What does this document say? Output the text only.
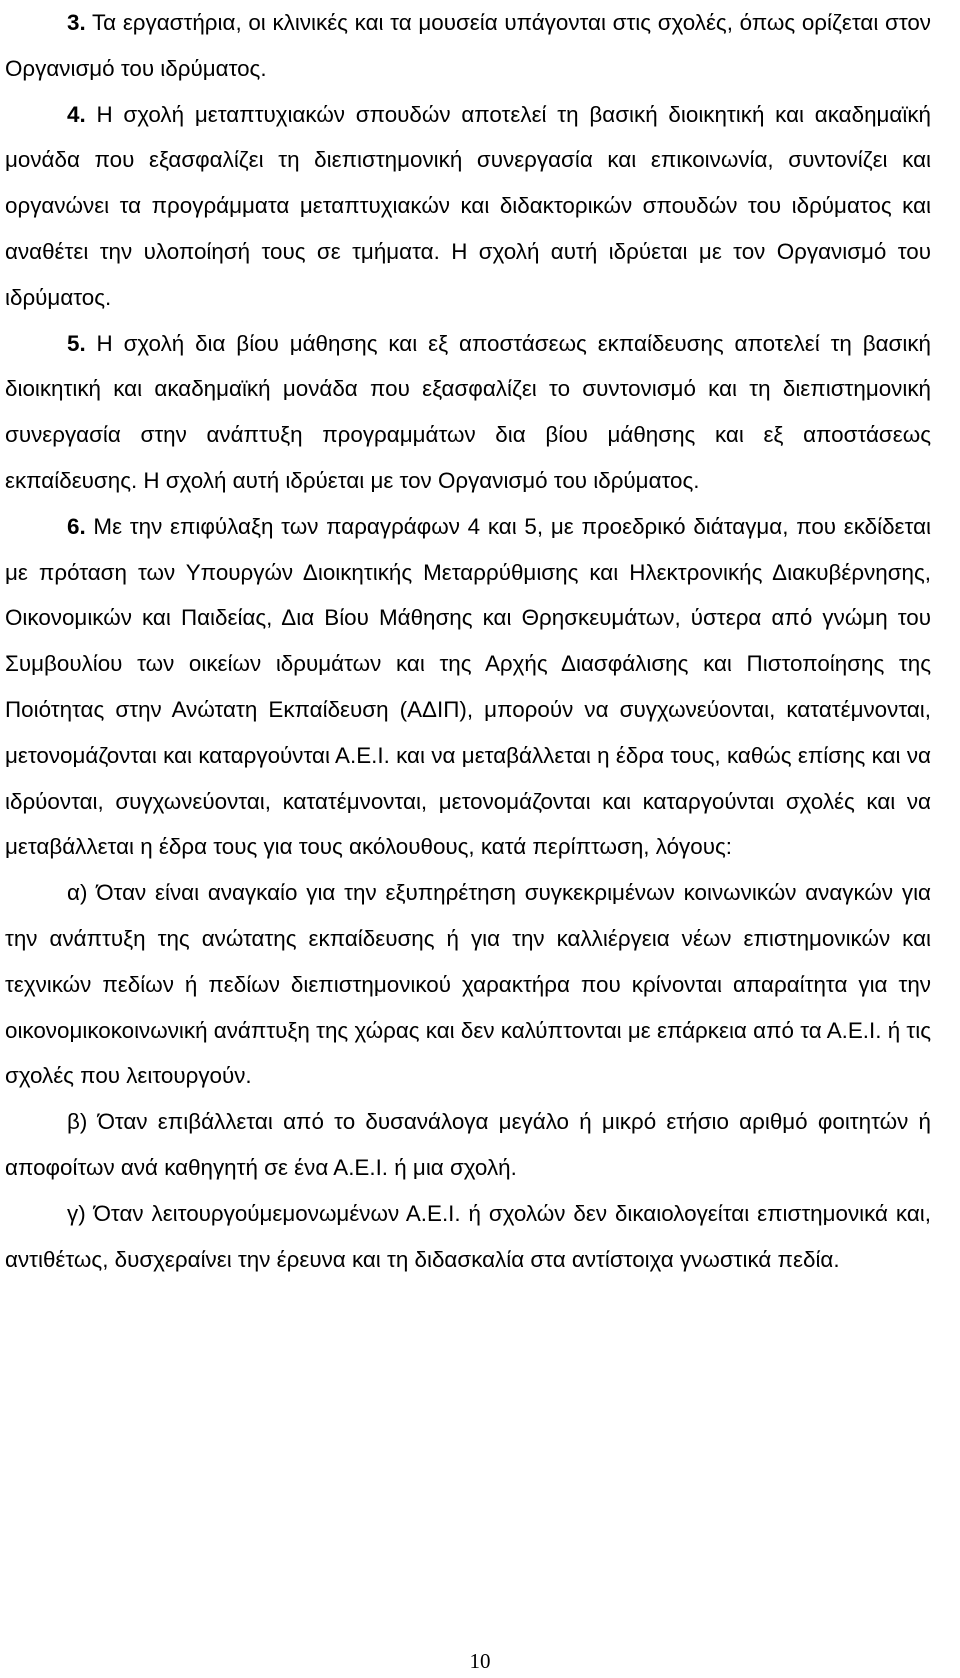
3. Τα εργαστήρια, οι κλινικές και τα μουσεία υπάγονται στις σχολές, όπως ορίζεται στον Οργανισμό του ιδρύματος.

4. Η σχολή μεταπτυχιακών σπουδών αποτελεί τη βασική διοικητική και ακαδημαϊκή μονάδα που εξασφαλίζει τη διεπιστημονική συνεργασία και επικοινωνία, συντονίζει και οργανώνει τα προγράμματα μεταπτυχιακών και διδακτορικών σπουδών του ιδρύματος και αναθέτει την υλοποίησή τους σε τμήματα. Η σχολή αυτή ιδρύεται με τον Οργανισμό του ιδρύματος.

5. Η σχολή δια βίου μάθησης και εξ αποστάσεως εκπαίδευσης αποτελεί τη βασική διοικητική και ακαδημαϊκή μονάδα που εξασφαλίζει το συντονισμό και τη διεπιστημονική συνεργασία στην ανάπτυξη προγραμμάτων δια βίου μάθησης και εξ αποστάσεως εκπαίδευσης. Η σχολή αυτή ιδρύεται με τον Οργανισμό του ιδρύματος.

6. Με την επιφύλαξη των παραγράφων 4 και 5, με προεδρικό διάταγμα, που εκδίδεται με πρόταση των Υπουργών Διοικητικής Μεταρρύθμισης και Ηλεκτρονικής Διακυβέρνησης, Οικονομικών και Παιδείας, Δια Βίου Μάθησης και Θρησκευμάτων, ύστερα από γνώμη του Συμβουλίου των οικείων ιδρυμάτων και της Αρχής Διασφάλισης και Πιστοποίησης της Ποιότητας στην Ανώτατη Εκπαίδευση (ΑΔΙΠ), μπορούν να συγχωνεύονται, κατατέμνονται, μετονομάζονται και καταργούνται Α.Ε.Ι. και να μεταβάλλεται η έδρα τους, καθώς επίσης και να ιδρύονται, συγχωνεύονται, κατατέμνονται, μετονομάζονται και καταργούνται σχολές και να μεταβάλλεται η έδρα τους για τους ακόλουθους, κατά περίπτωση, λόγους:

α) Όταν είναι αναγκαίο για την εξυπηρέτηση συγκεκριμένων κοινωνικών αναγκών για την ανάπτυξη της ανώτατης εκπαίδευσης ή για την καλλιέργεια νέων επιστημονικών και τεχνικών πεδίων ή πεδίων διεπιστημονικού χαρακτήρα που κρίνονται απαραίτητα για την οικονομικοκοινωνική ανάπτυξη της χώρας και δεν καλύπτονται με επάρκεια από τα Α.Ε.Ι. ή τις σχολές που λειτουργούν.

β) Όταν επιβάλλεται από το δυσανάλογα μεγάλο ή μικρό ετήσιο αριθμό φοιτητών ή αποφοίτων ανά καθηγητή σε ένα Α.Ε.Ι. ή μια σχολή.

γ) Όταν λειτουργούμεμονωμένων Α.Ε.Ι. ή σχολών δεν δικαιολογείται επιστημονικά και, αντιθέτως, δυσχεραίνει την έρευνα και τη διδασκαλία στα αντίστοιχα γνωστικά πεδία.

10
